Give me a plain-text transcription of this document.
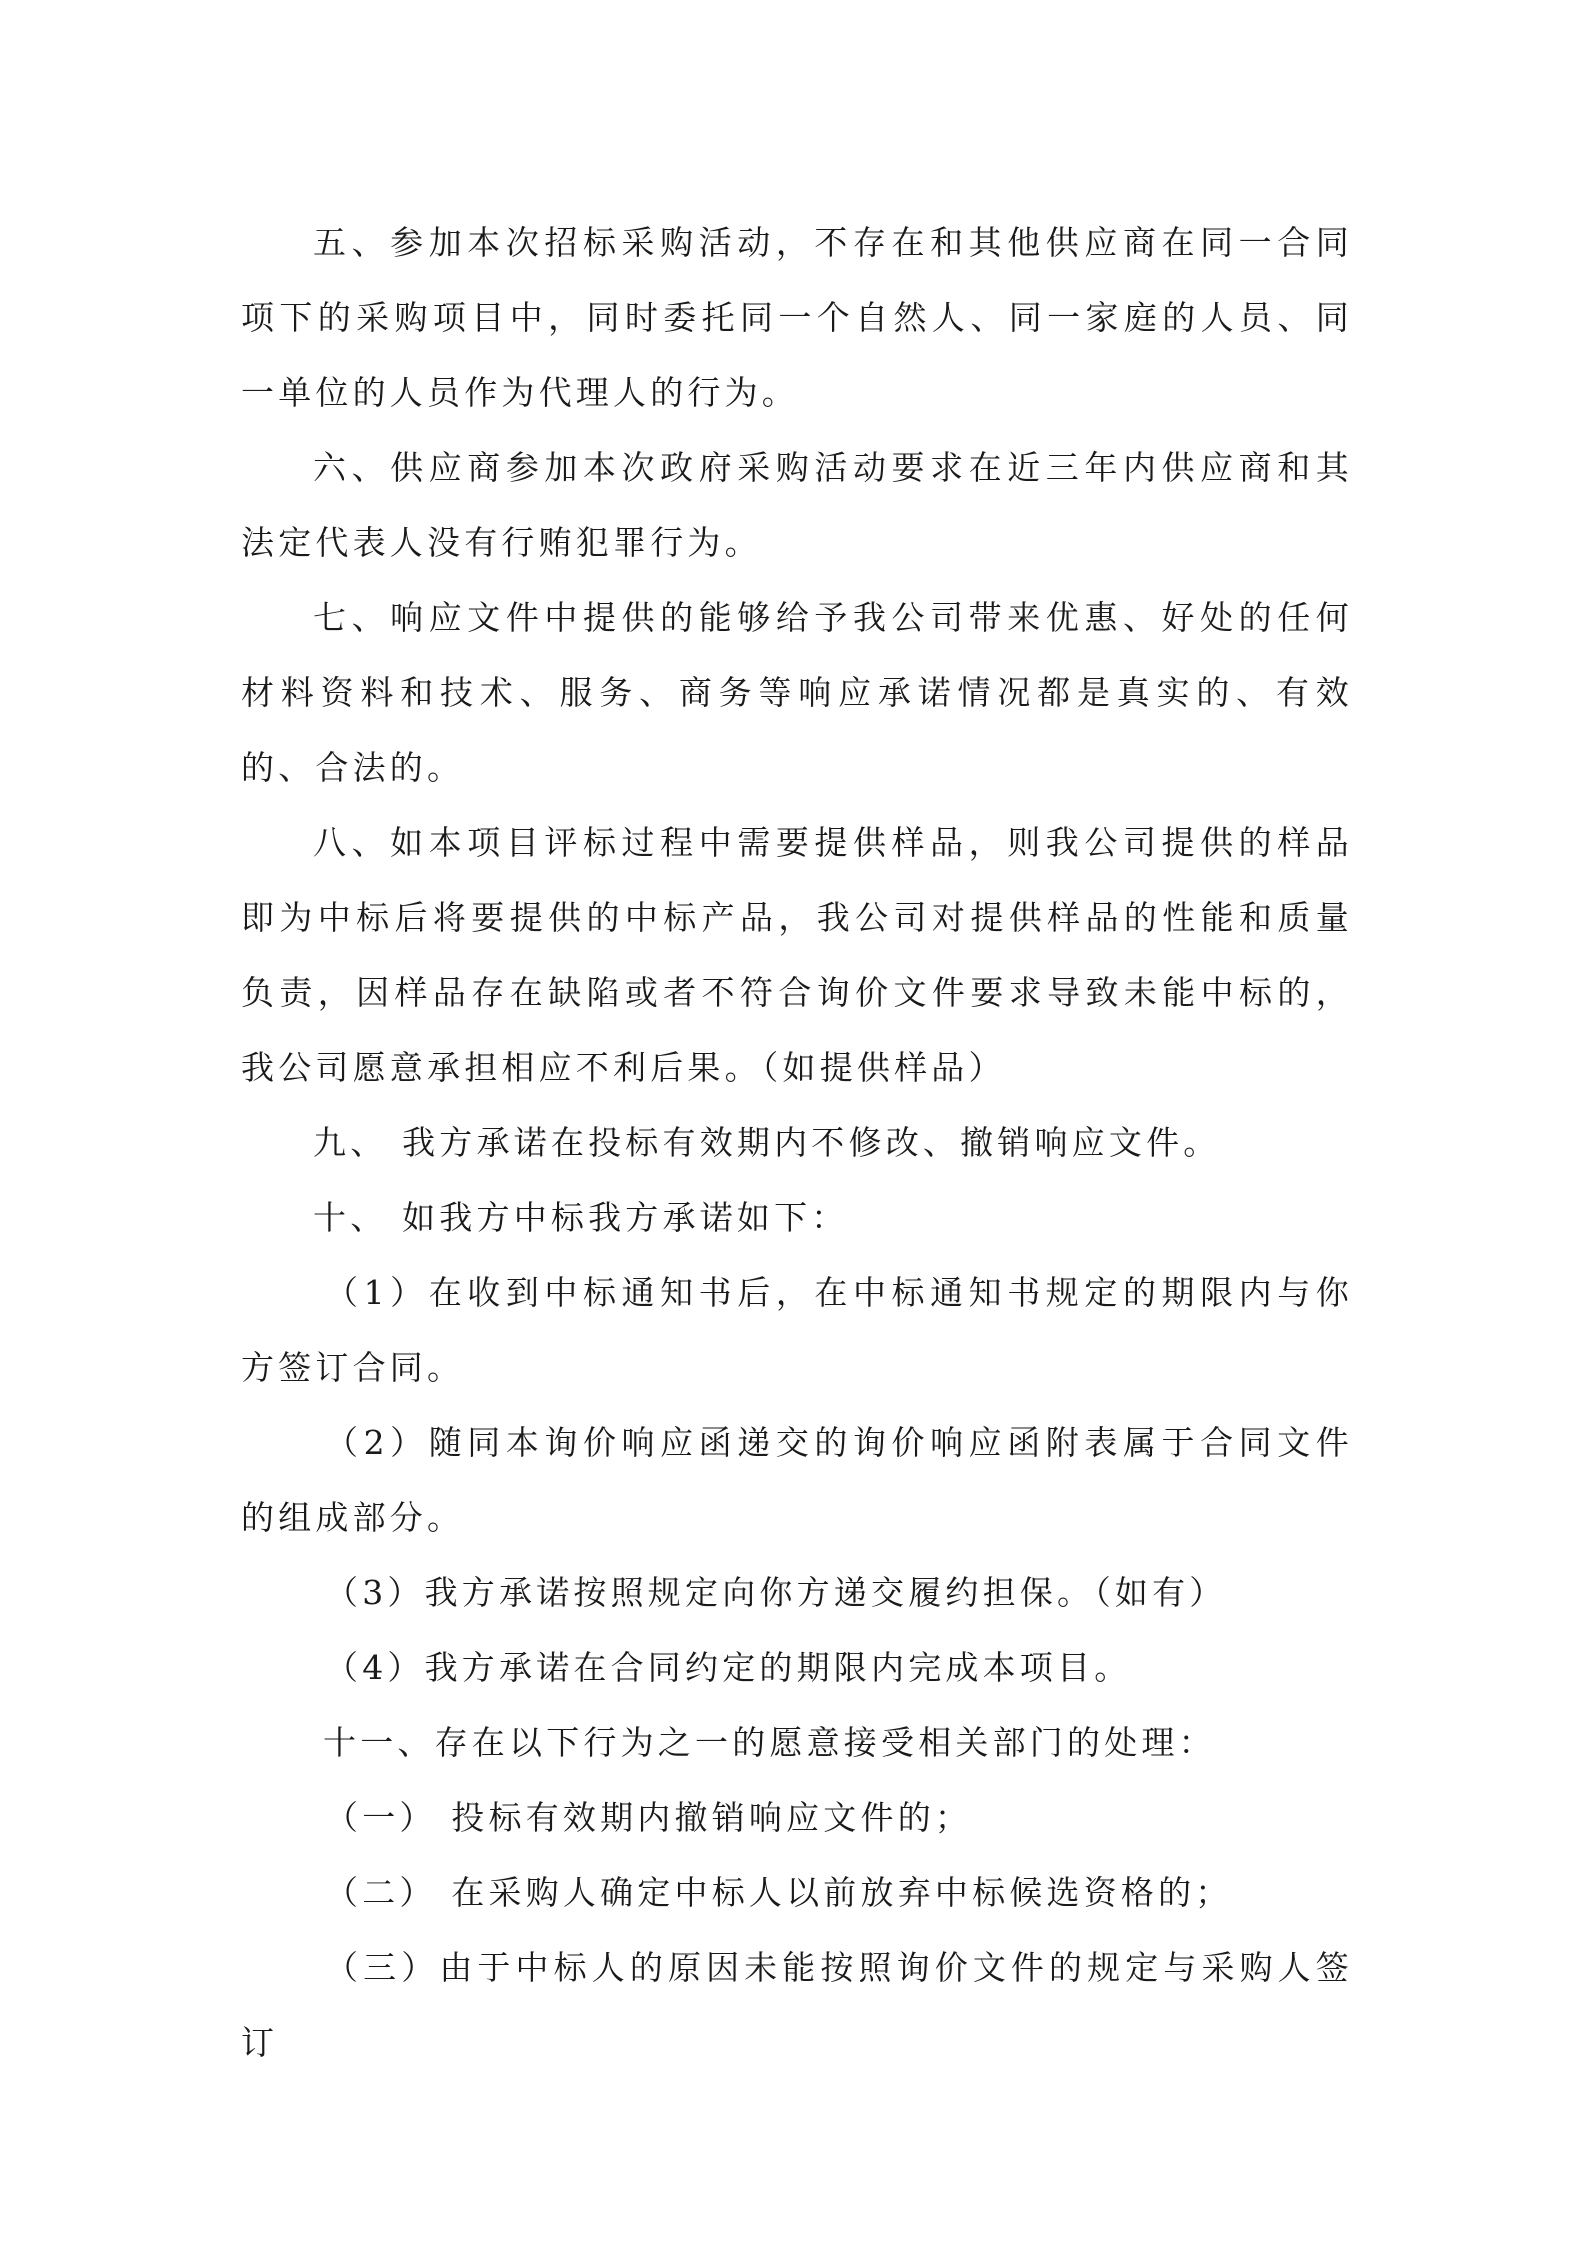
五、参加本次招标采购活动，不存在和其他供应商在同一合同项下的采购项目中，同时委托同一个自然人、同一家庭的人员、同一单位的人员作为代理人的行为。

六、供应商参加本次政府采购活动要求在近三年内供应商和其法定代表人没有行贿犯罪行为。

七、响应文件中提供的能够给予我公司带来优惠、好处的任何材料资料和技术、服务、商务等响应承诺情况都是真实的、有效的、合法的。

八、如本项目评标过程中需要提供样品，则我公司提供的样品即为中标后将要提供的中标产品，我公司对提供样品的性能和质量负责，因样品存在缺陷或者不符合询价文件要求导致未能中标的，我公司愿意承担相应不利后果。（如提供样品）

九、 我方承诺在投标有效期内不修改、撤销响应文件。

十、 如我方中标我方承诺如下：

（1）在收到中标通知书后，在中标通知书规定的期限内与你方签订合同。

（2）随同本询价响应函递交的询价响应函附表属于合同文件的组成部分。

（3）我方承诺按照规定向你方递交履约担保。（如有）

（4）我方承诺在合同约定的期限内完成本项目。

十一、存在以下行为之一的愿意接受相关部门的处理：

（一） 投标有效期内撤销响应文件的；

（二） 在采购人确定中标人以前放弃中标候选资格的；

（三）由于中标人的原因未能按照询价文件的规定与采购人签订
